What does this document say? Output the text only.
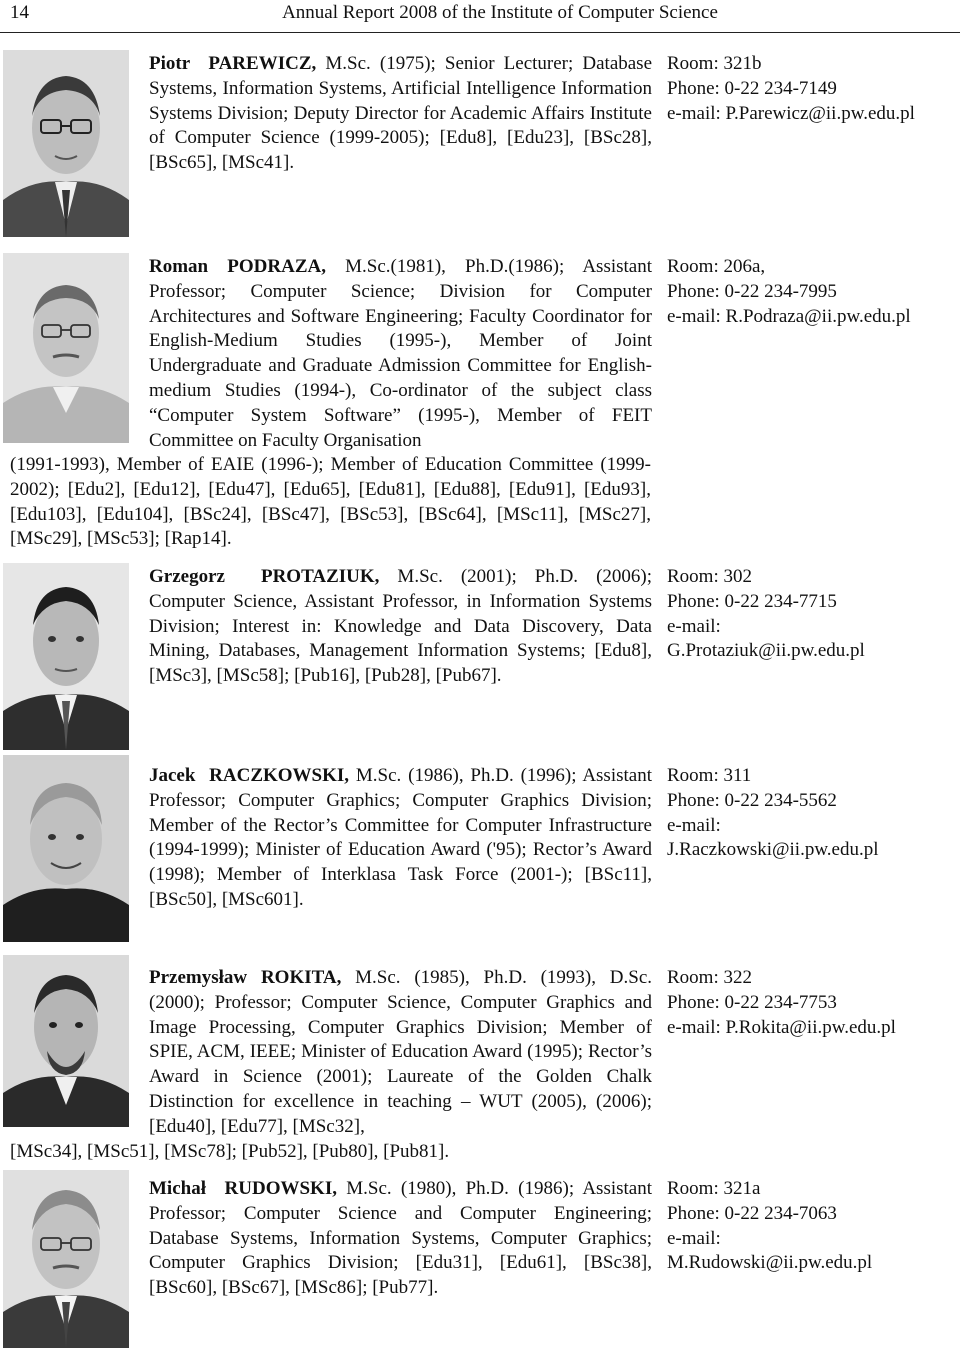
14	Annual Report 2008 of the Institute of Computer Science

Piotr PAREWICZ, M.Sc. (1975); Senior Lecturer; Database Systems, Information Systems, Artificial Intelligence Information Systems Division; Deputy Director for Academic Affairs Institute of Computer Science (1999-2005); [Edu8], [Edu23], [BSc28], [BSc65], [MSc41].

Room: 321b
Phone: 0-22 234-7149
e-mail: P.Parewicz@ii.pw.edu.pl

Roman PODRAZA, M.Sc.(1981), Ph.D.(1986); Assistant Professor; Computer Science; Division for Computer Architectures and Software Engineering; Faculty Coordinator for English-Medium Studies (1995-), Member of Joint Undergraduate and Graduate Admission Committee for English-medium Studies (1994-), Co-ordinator of the subject class “Computer System Software” (1995-), Member of FEIT Committee on Faculty Organisation

(1991-1993), Member of EAIE (1996-); Member of Education Committee (1999-2002); [Edu2], [Edu12], [Edu47], [Edu65], [Edu81], [Edu88], [Edu91], [Edu93], [Edu103], [Edu104], [BSc24], [BSc47], [BSc53], [BSc64], [MSc11], [MSc27], [MSc29], [MSc53]; [Rap14].

Room: 206a,
Phone: 0-22 234-7995
e-mail: R.Podraza@ii.pw.edu.pl

Grzegorz PROTAZIUK, M.Sc. (2001); Ph.D. (2006); Computer Science, Assistant Professor, in Information Systems Division; Interest in: Knowledge and Data Discovery, Data Mining, Databases, Management Information Systems; [Edu8], [MSc3], [MSc58]; [Pub16], [Pub28], [Pub67].

Room: 302
Phone: 0-22 234-7715
e-mail:
G.Protaziuk@ii.pw.edu.pl

Jacek RACZKOWSKI, M.Sc. (1986), Ph.D. (1996); Assistant Professor; Computer Graphics; Computer Graphics Division; Member of the Rector’s Committee for Computer Infrastructure (1994-1999); Minister of Education Award ('95); Rector’s Award (1998); Member of Interklasa Task Force (2001-); [BSc11], [BSc50], [MSc601].

Room: 311
Phone: 0-22 234-5562
e-mail:
J.Raczkowski@ii.pw.edu.pl

Przemysław ROKITA, M.Sc. (1985), Ph.D. (1993), D.Sc. (2000); Professor; Computer Science, Computer Graphics and Image Processing, Computer Graphics Division; Member of SPIE, ACM, IEEE; Minister of Education Award (1995); Rector’s Award in Science (2001); Laureate of the Golden Chalk Distinction for excellence in teaching – WUT (2005), (2006); [Edu40], [Edu77], [MSc32],

[MSc34], [MSc51], [MSc78]; [Pub52], [Pub80], [Pub81].

Room: 322
Phone: 0-22 234-7753
e-mail: P.Rokita@ii.pw.edu.pl

Michał RUDOWSKI, M.Sc. (1980), Ph.D. (1986); Assistant Professor; Computer Science and Computer Engineering; Database Systems, Information Systems, Computer Graphics; Computer Graphics Division; [Edu31], [Edu61], [BSc38], [BSc60], [BSc67], [MSc86]; [Pub77].

Room: 321a
Phone: 0-22 234-7063
e-mail:
M.Rudowski@ii.pw.edu.pl
